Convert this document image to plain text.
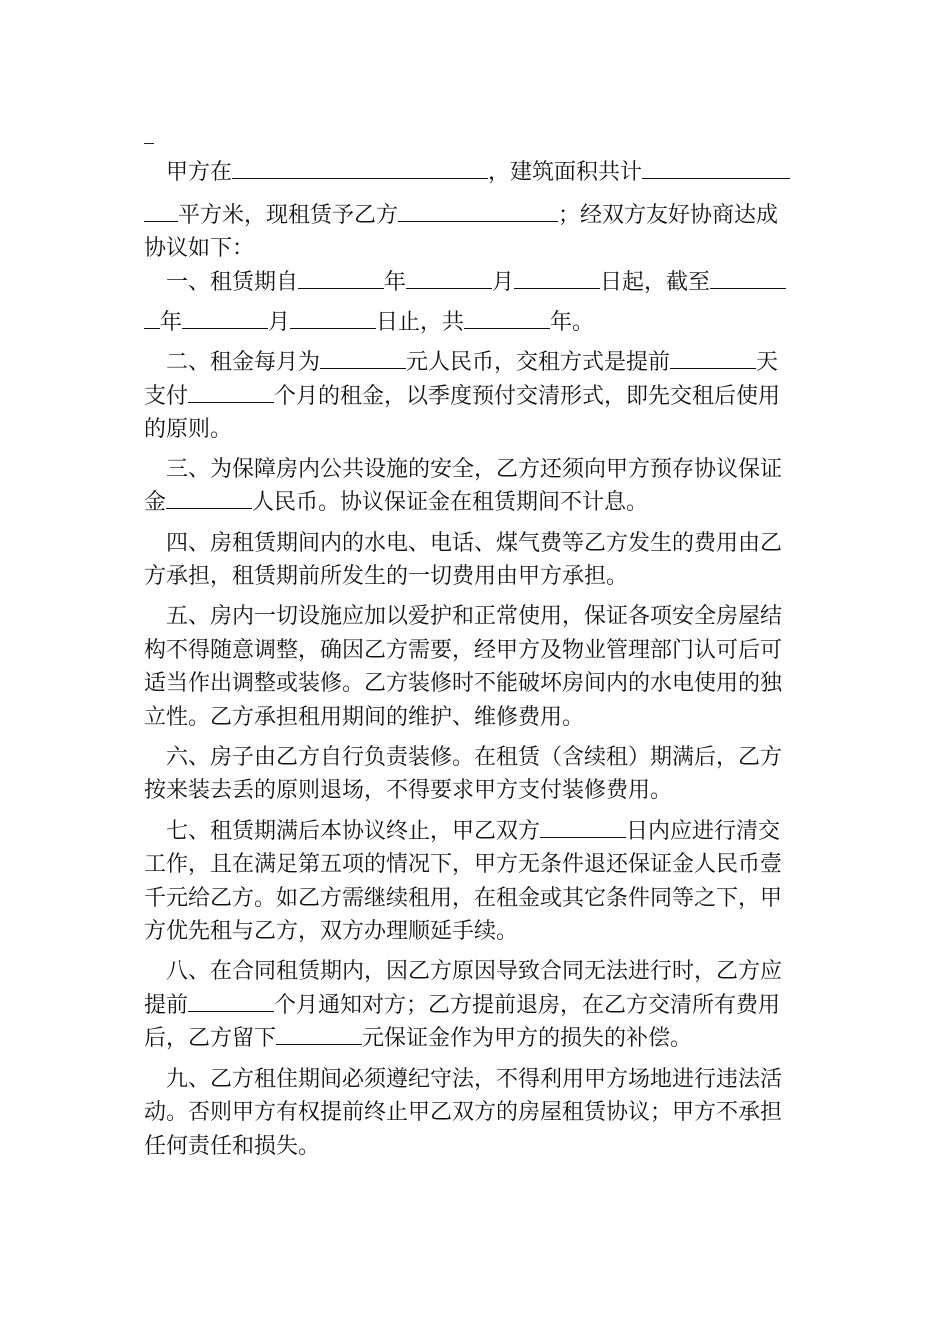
甲方在	，建筑面积共计
平方米，现租赁予乙方	；经双方友好协商达成
协议如下：
一、租赁期自	年	月	日起，截至
年	月	日止，共	年。
二、租金每月为	元人民币，交租方式是提前	天
支付	个月的租金，以季度预付交清形式，即先交租后使用
的原则。
三、为保障房内公共设施的安全，乙方还须向甲方预存协议保证
金	人民币。协议保证金在租赁期间不计息。
四、房租赁期间内的水电、电话、煤气费等乙方发生的费用由乙
方承担，租赁期前所发生的一切费用由甲方承担。
五、房内一切设施应加以爱护和正常使用，保证各项安全房屋结
构不得随意调整，确因乙方需要，经甲方及物业管理部门认可后可
适当作出调整或装修。乙方装修时不能破坏房间内的水电使用的独
立性。乙方承担租用期间的维护、维修费用。
六、房子由乙方自行负责装修。在租赁（含续租）期满后，乙方
按来装去丢的原则退场，不得要求甲方支付装修费用。
七、租赁期满后本协议终止，甲乙双方	日内应进行清交
工作，且在满足第五项的情况下，甲方无条件退还保证金人民币壹
千元给乙方。如乙方需继续租用，在租金或其它条件同等之下，甲
方优先租与乙方，双方办理顺延手续。
八、在合同租赁期内，因乙方原因导致合同无法进行时，乙方应
提前	个月通知对方；乙方提前退房，在乙方交清所有费用
后，乙方留下	元保证金作为甲方的损失的补偿。
九、乙方租住期间必须遵纪守法，不得利用甲方场地进行违法活
动。否则甲方有权提前终止甲乙双方的房屋租赁协议；甲方不承担
任何责任和损失。
